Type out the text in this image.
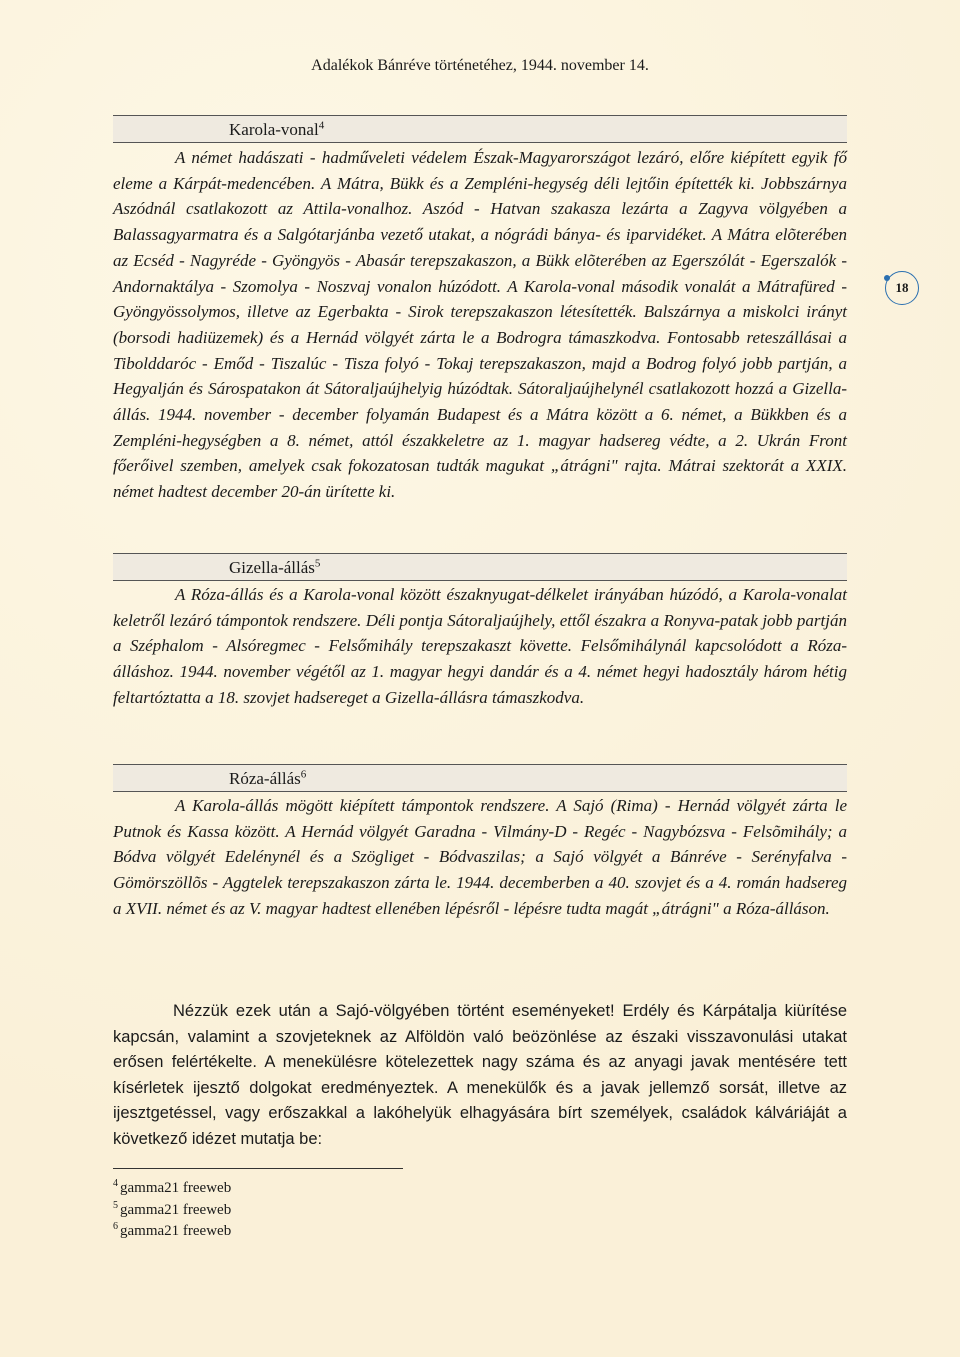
Adalékok Bánréve történetéhez, 1944. november 14.
Karola-vonal$^4$

A német hadászati - hadműveleti védelem Észak-Magyarországot lezáró, előre kiépített egyik fő eleme a Kárpát-medencében. A Mátra, Bükk és a Zempléni-hegység déli lejtőin építették ki. Jobbszárnya Aszódnál csatlakozott az Attila-vonalhoz. Aszód - Hatvan szakasza lezárta a Zagyva völgyében a Balassagyarmatra és a Salgótarjánba vezető utakat, a nógrádi bánya- és iparvidéket. A Mátra elõterében az Ecséd - Nagyréde - Gyöngyös - Abasár terepszakaszon, a Bükk elõterében az Egerszólát - Egerszalók - Andornaktálya - Szomolya - Noszvaj vonalon húzódott. A Karola-vonal második vonalát a Mátrafüred - Gyöngyössolymos, illetve az Egerbakta - Sirok terepszakaszon létesítették. Balszárnya a miskolci irányt (borsodi hadiüzemek) és a Hernád völgyét zárta le a Bodrogra támaszkodva. Fontosabb reteszállásai a Tibolddaróc - Emőd - Tiszalúc - Tisza folyó - Tokaj terepszakaszon, majd a Bodrog folyó jobb partján, a Hegyalján és Sárospatakon át Sátoraljaújhelyig húzódtak. Sátoraljaújhelynél csatlakozott hozzá a Gizella-állás. 1944. november - december folyamán Budapest és a Mátra között a 6. német, a Bükkben és a Zempléni-hegységben a 8. német, attól északkeletre az 1. magyar hadsereg védte, a 2. Ukrán Front főerőivel szemben, amelyek csak fokozatosan tudták magukat „átrágni" rajta. Mátrai szektorát a XXIX. német hadtest december 20-án ürítette ki.

Gizella-állás$^5$

A Róza-állás és a Karola-vonal között északnyugat-délkelet irányában húzódó, a Karola-vonalat keletről lezáró támpontok rendszere. Déli pontja Sátoraljaújhely, ettől északra a Ronyva-patak jobb partján a Széphalom - Alsóregmec - Felsőmihály terepszakaszt követte. Felsőmihálynál kapcsolódott a Róza-álláshoz. 1944. november végétől az 1. magyar hegyi dandár és a 4. német hegyi hadosztály három hétig feltartóztatta a 18. szovjet hadsereget a Gizella-állásra támaszkodva.

Róza-állás$^6$

A Karola-állás mögött kiépített támpontok rendszere. A Sajó (Rima) - Hernád völgyét zárta le Putnok és Kassa között. A Hernád völgyét Garadna - Vilmány-D - Regéc - Nagybózsva - Felsõmihály; a Bódva völgyét Edelénynél és a Szögliget - Bódvaszilas; a Sajó völgyét a Bánréve - Serényfalva - Gömörszöllõs - Aggtelek terepszakaszon zárta le. 1944. decemberben a 40. szovjet és a 4. román hadsereg a XVII. német és az V. magyar hadtest ellenében lépésről - lépésre tudta magát „átrágni" a Róza-álláson.

Nézzük ezek után a Sajó-völgyében történt eseményeket! Erdély és Kárpátalja kiürítése kapcsán, valamint a szovjeteknek az Alföldön való beözönlése az északi visszavonulási utakat erősen felértékelte. A menekülésre kötelezettek nagy száma és az anyagi javak mentésére tett kísérletek ijesztő dolgokat eredményeztek. A menekülők és a javak jellemző sorsát, illetve az ijesztgetéssel, vagy erőszakkal a lakóhelyük elhagyására bírt személyek, családok kálváriáját a következő idézet mutatja be:

18
$^4$ gamma21 freeweb
$^5$ gamma21 freeweb
$^6$ gamma21 freeweb
